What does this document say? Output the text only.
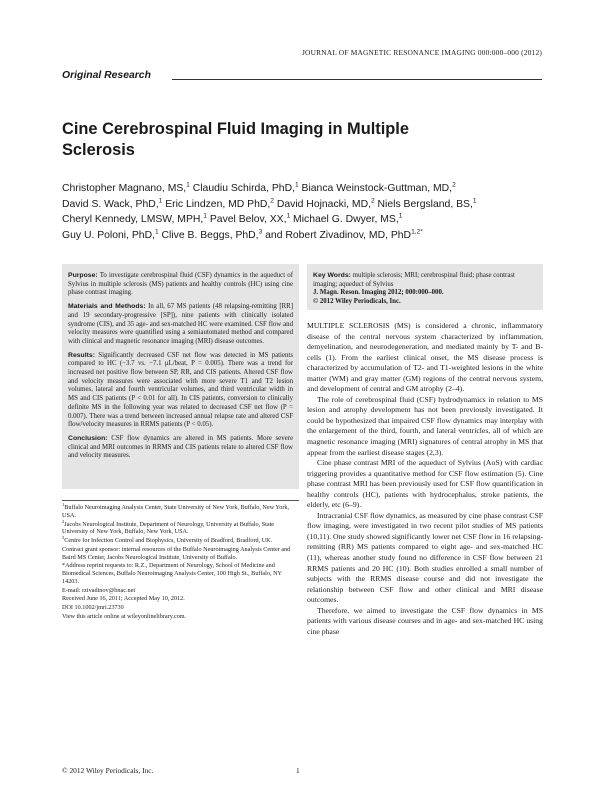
JOURNAL OF MAGNETIC RESONANCE IMAGING 000:000–000 (2012)
Original Research
Cine Cerebrospinal Fluid Imaging in Multiple Sclerosis
Christopher Magnano, MS,$^1$ Claudiu Schirda, PhD,$^1$ Bianca Weinstock-Guttman, MD,$^2$
David S. Wack, PhD,$^1$ Eric Lindzen, MD PhD,$^2$ David Hojnacki, MD,$^2$ Niels Bergsland, BS,$^1$
Cheryl Kennedy, LMSW, MPH,$^1$ Pavel Belov, XX,$^1$ Michael G. Dwyer, MS,$^1$
Guy U. Poloni, PhD,$^1$ Clive B. Beggs, PhD,$^3$ and Robert Zivadinov, MD, PhD$^{1,2*}$

Purpose: To investigate cerebrospinal fluid (CSF) dynamics in the aqueduct of Sylvius in multiple sclerosis (MS) patients and healthy controls (HC) using cine phase contrast imaging.

Materials and Methods: In all, 67 MS patients (48 relapsing-remitting [RR] and 19 secondary-progressive [SP]), nine patients with clinically isolated syndrome (CIS), and 35 age- and sex-matched HC were examined. CSF flow and velocity measures were quantified using a semiautomated method and compared with clinical and magnetic resonance imaging (MRI) disease outcomes.

Results: Significantly decreased CSF net flow was detected in MS patients compared to HC (−3.7 vs. −7.1 μL/beat, P = 0.005). There was a trend for increased net positive flow between SP, RR, and CIS patients. Altered CSF flow and velocity measures were associated with more severe T1 and T2 lesion volumes, lateral and fourth ventricular volumes, and third ventricular width in MS and CIS patients (P < 0.01 for all). In CIS patients, conversion to clinically definite MS in the following year was related to decreased CSF net flow (P = 0.007). There was a trend between increased annual relapse rate and altered CSF flow/velocity measures in RRMS patients (P < 0.05).

Conclusion: CSF flow dynamics are altered in MS patients. More severe clinical and MRI outcomes in RRMS and CIS patients relate to altered CSF flow and velocity measures.

Key Words: multiple sclerosis; MRI; cerebrospinal fluid; phase contrast imaging; aqueduct of Sylvius
J. Magn. Reson. Imaging 2012; 000:000–000.
© 2012 Wiley Periodicals, Inc.

MULTIPLE SCLEROSIS (MS) is considered a chronic, inflammatory disease of the central nervous system characterized by inflammation, demyelination, and neurodegeneration, and mediated mainly by T- and B-cells (1). From the earliest clinical onset, the MS disease process is characterized by accumulation of T2- and T1-weighted lesions in the white matter (WM) and gray matter (GM) regions of the central nervous system, and development of central and GM atrophy (2–4).

The role of cerebrospinal fluid (CSF) hydrodynamics in relation to MS lesion and atrophy development has not been previously investigated. It could be hypothesized that impaired CSF flow dynamics may interplay with the enlargement of the third, fourth, and lateral ventricles, all of which are magnetic resonance imaging (MRI) signatures of central atrophy in MS that appear from the earliest disease stages (2,3).

Cine phase contrast MRI of the aqueduct of Sylvius (AoS) with cardiac triggering provides a quantitative method for CSF flow estimation (5). Cine phase contrast MRI has been previously used for CSF flow quantification in healthy controls (HC), patients with hydrocephalus, stroke patients, the elderly, etc (6–9).

Intracranial CSF flow dynamics, as measured by cine phase contrast CSF flow imaging, were investigated in two recent pilot studies of MS patients (10,11). One study showed significantly lower net CSF flow in 16 relapsing-remitting (RR) MS patients compared to eight age- and sex-matched HC (11), whereas another study found no difference in CSF flow between 21 RRMS patients and 20 HC (10). Both studies enrolled a small number of subjects with the RRMS disease course and did not investigate the relationship between CSF flow and other clinical and MRI disease outcomes.

Therefore, we aimed to investigate the CSF flow dynamics in MS patients with various disease courses and in age- and sex-matched HC using cine phase

$^1$Buffalo Neuroimaging Analysis Center, State University of New York, Buffalo, New York, USA.

$^2$Jacobs Neurological Institute, Department of Neurology, University at Buffalo, State University of New York, Buffalo, New York, USA.

$^3$Centre for Infection Control and Biophysics, University of Bradford, Bradford, UK.

Contract grant sponsor: internal resources of the Buffalo Neuroimaging Analysis Center and Baird MS Center, Jacobs Neurological Institute, University of Buffalo.

*Address reprint requests to: R.Z., Department of Neurology, School of Medicine and Biomedical Sciences, Buffalo Neuroimaging Analysis Center, 100 High St., Buffalo, NY 14203.

E-mail: rzivadinov@bnac.net

Received June 16, 2011; Accepted May 10, 2012.

DOI 10.1002/jmri.23730

View this article online at wileyonlinelibrary.com.

© 2012 Wiley Periodicals, Inc.	1
